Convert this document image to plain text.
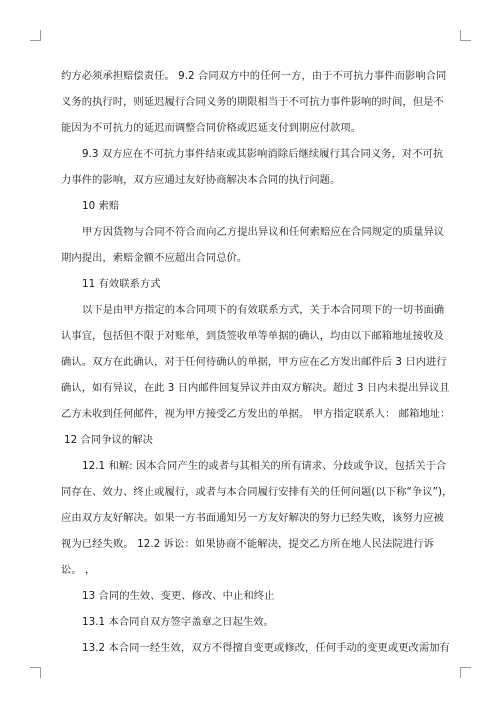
约方必须承担赔偿责任。 9.2 合同双方中的任何一方，由于不可抗力事件而影响合同
义务的执行时，则延迟履行合同义务的期限相当于不可抗力事件影响的时间，但是不
能因为不可抗力的延迟而调整合同价格或迟延支付到期应付款项。
9.3 双方应在不可抗力事件结束或其影响消除后继续履行其合同义务，对不可抗
力事件的影响，双方应通过友好协商解决本合同的执行问题。
10 索赔
甲方因货物与合同不符合而向乙方提出异议和任何索赔应在合同规定的质量异议
期内提出，索赔金额不应超出合同总价。
11 有效联系方式
以下是由甲方指定的本合同项下的有效联系方式，关于本合同项下的一切书面确
认事宜，包括但不限于对账单，到货签收单等单据的确认，均由以下邮箱地址接收及
确认。双方在此确认，对于任何待确认的单据，甲方应在乙方发出邮件后 3 日内进行
确认，如有异议，在此 3 日内邮件回复异议并由双方解决。超过 3 日内未提出异议且
乙方未收到任何邮件，视为甲方接受乙方发出的单据。 甲方指定联系人： 邮箱地址：
12 合同争议的解决
12.1 和解: 因本合同产生的或者与其相关的所有请求、分歧或争议，包括关于合
同存在、效力、终止或履行，或者与本合同履行安排有关的任何问题(以下称“争议”)，
应由双方友好解决。如果一方书面通知另一方友好解决的努力已经失败，该努力应被
视为已经失败。 12.2 诉讼：如果协商不能解决，提交乙方所在地人民法院进行诉
讼。 ，
13 合同的生效、变更、修改、中止和终止
13.1 本合同自双方签字盖章之日起生效。
13.2 本合同一经生效，双方不得擅自变更或修改，任何手动的变更或更改需加有
